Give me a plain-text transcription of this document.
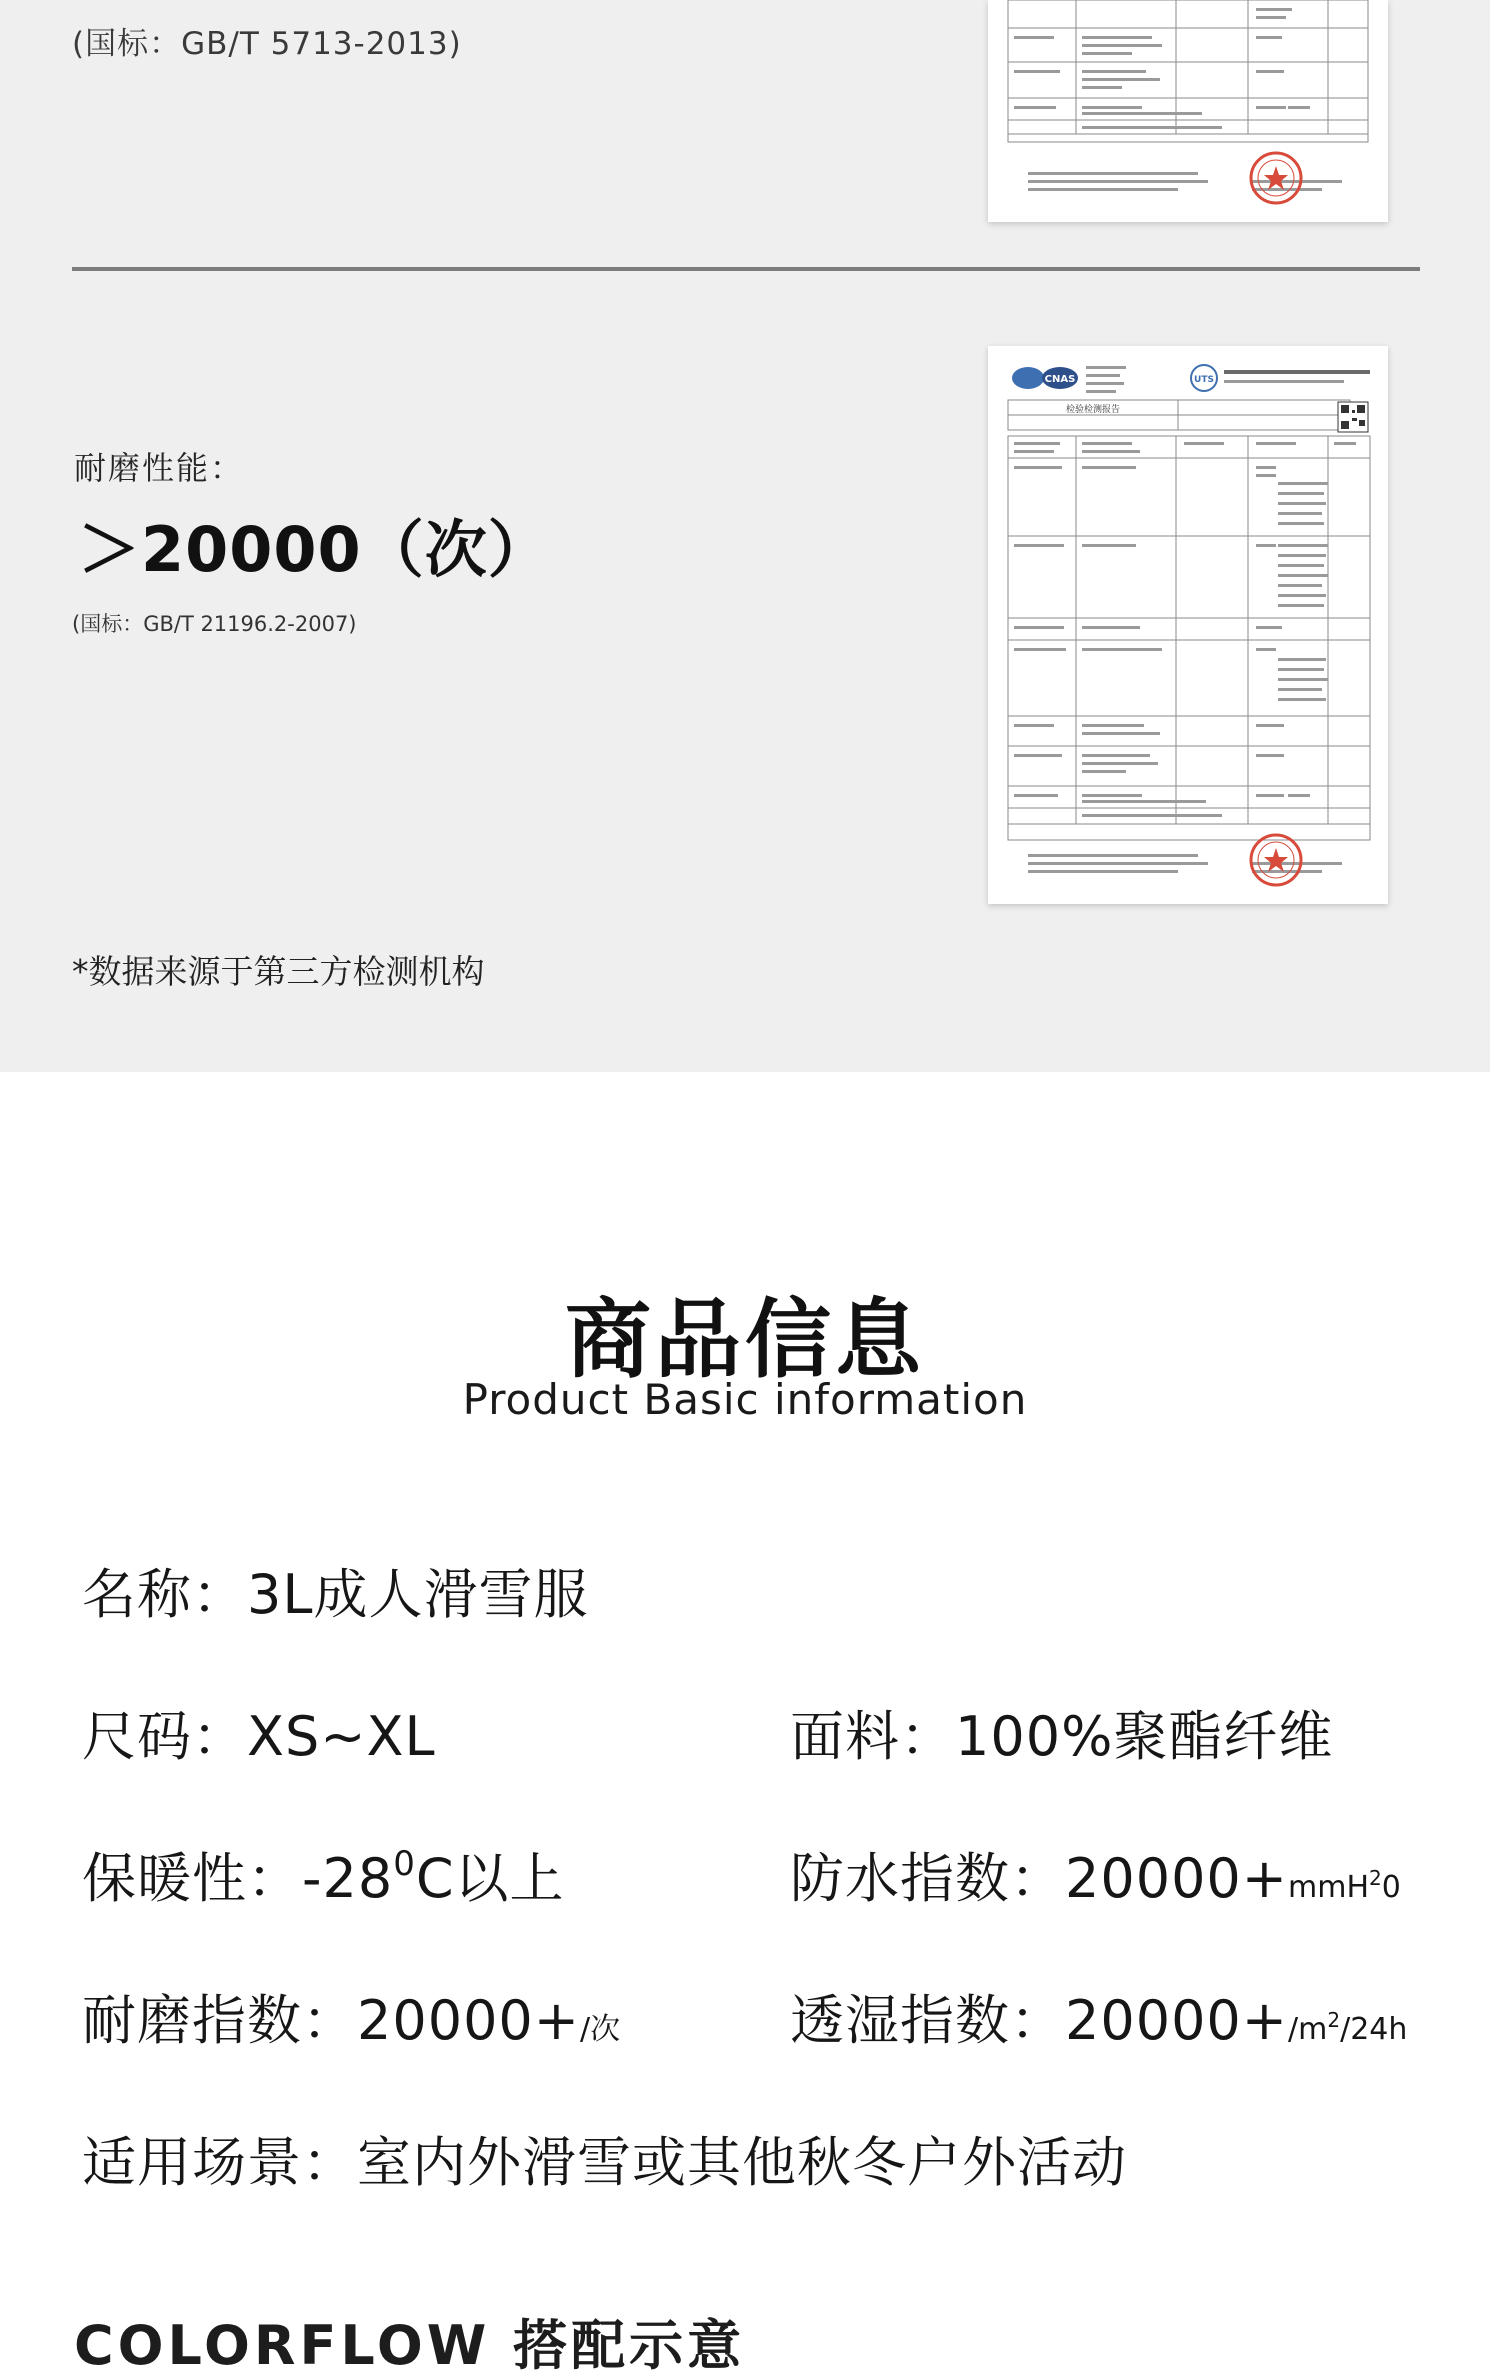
(国标：GB/T 5713-2013)
耐磨性能：
＞20000（次）
(国标：GB/T 21196.2-2007)
CNAS	UTS
检验检测报告
*数据来源于第三方检测机构
商品信息
Product Basic information
名称：3L成人滑雪服
尺码：XS~XL	面料：100%聚酯纤维
保暖性：$-28^0C$以上	防水指数：20000+mmH$^2$0
耐磨指数：20000+/次	透湿指数：$20000+/m^2/24h$
适用场景：室内外滑雪或其他秋冬户外活动
COLORFLOW 搭配示意
